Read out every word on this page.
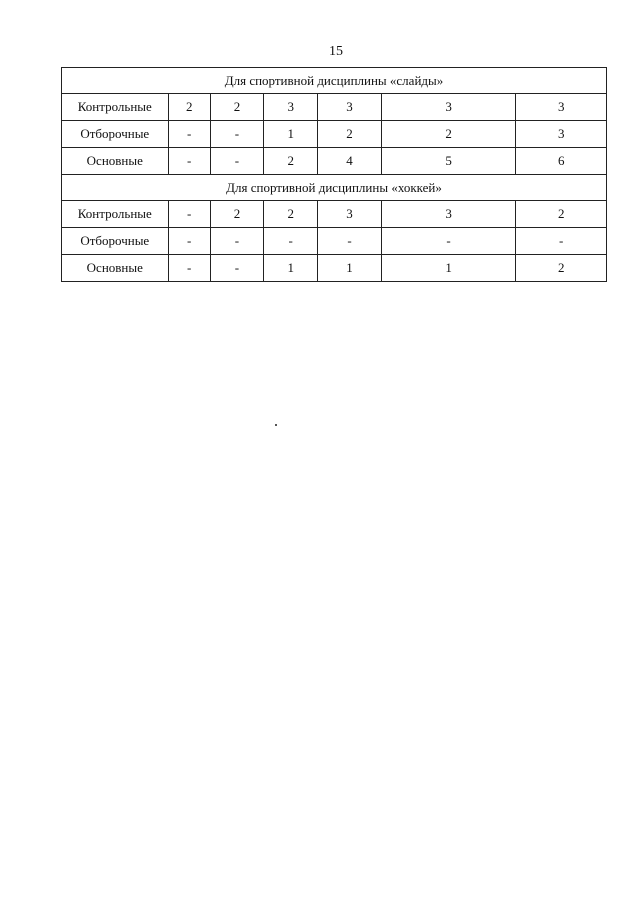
15
Для спортивной дисциплины «слайды»						
Контрольные	2	2	3	3	3	3
Отборочные	-	-	1	2	2	3
Основные	-	-	2	4	5	6
Для спортивной дисциплины «хоккей»						
Контрольные	-	2	2	3	3	2
Отборочные	-	-	-	-	-	-
Основные	-	-	1	1	1	2
